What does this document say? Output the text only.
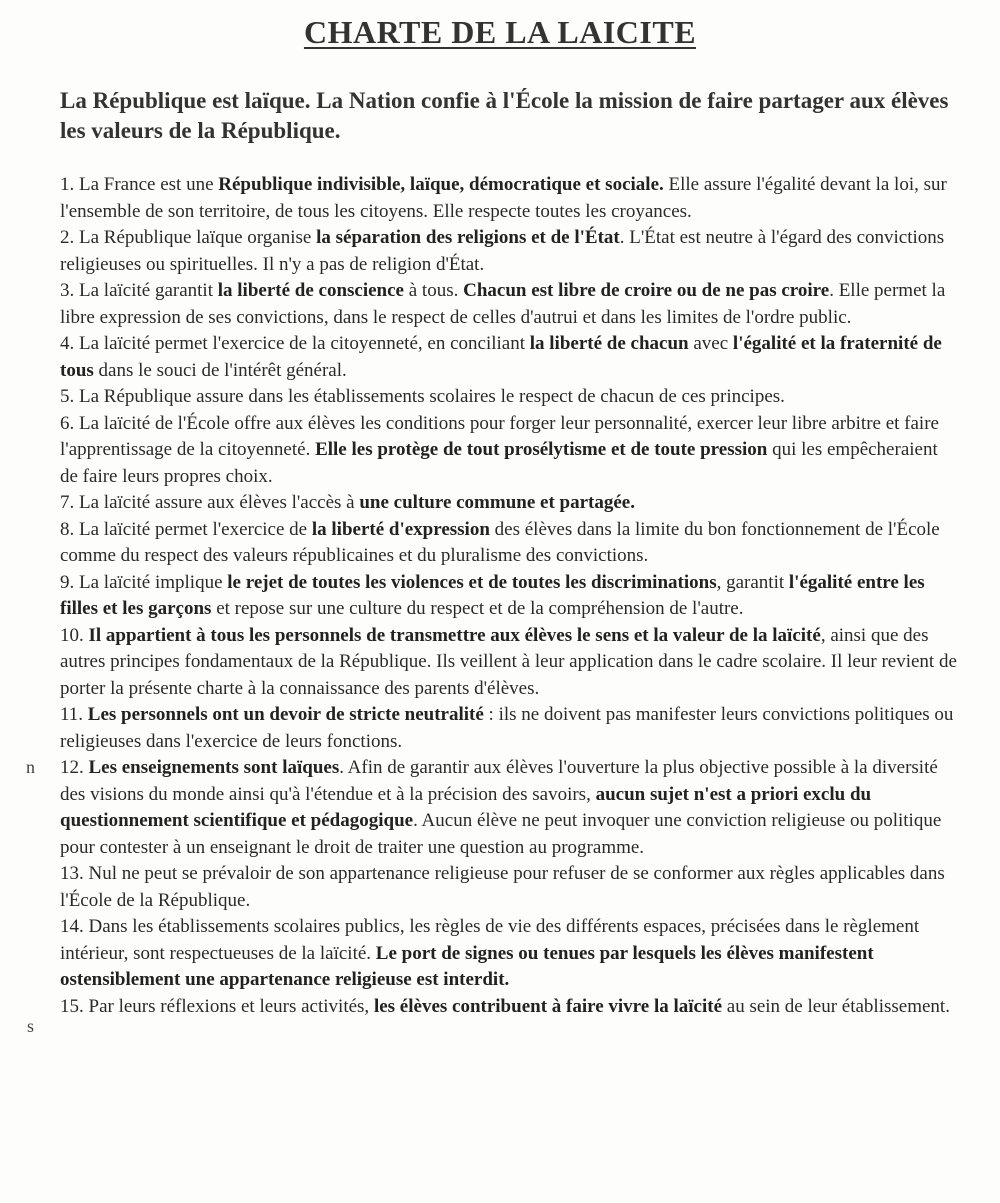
CHARTE DE LA LAICITE

La République est laïque. La Nation confie à l'École la mission de faire partager aux élèves les valeurs de la République.

1. La France est une République indivisible, laïque, démocratique et sociale. Elle assure l'égalité devant la loi, sur l'ensemble de son territoire, de tous les citoyens. Elle respecte toutes les croyances.

2. La République laïque organise la séparation des religions et de l'État. L'État est neutre à l'égard des convictions religieuses ou spirituelles. Il n'y a pas de religion d'État.

3. La laïcité garantit la liberté de conscience à tous. Chacun est libre de croire ou de ne pas croire. Elle permet la libre expression de ses convictions, dans le respect de celles d'autrui et dans les limites de l'ordre public.

4. La laïcité permet l'exercice de la citoyenneté, en conciliant la liberté de chacun avec l'égalité et la fraternité de tous dans le souci de l'intérêt général.

5. La République assure dans les établissements scolaires le respect de chacun de ces principes.

6. La laïcité de l'École offre aux élèves les conditions pour forger leur personnalité, exercer leur libre arbitre et faire l'apprentissage de la citoyenneté. Elle les protège de tout prosélytisme et de toute pression qui les empêcheraient de faire leurs propres choix.

7. La laïcité assure aux élèves l'accès à une culture commune et partagée.

8. La laïcité permet l'exercice de la liberté d'expression des élèves dans la limite du bon fonctionnement de l'École comme du respect des valeurs républicaines et du pluralisme des convictions.

9. La laïcité implique le rejet de toutes les violences et de toutes les discriminations, garantit l'égalité entre les filles et les garçons et repose sur une culture du respect et de la compréhension de l'autre.

10. Il appartient à tous les personnels de transmettre aux élèves le sens et la valeur de la laïcité, ainsi que des autres principes fondamentaux de la République. Ils veillent à leur application dans le cadre scolaire. Il leur revient de porter la présente charte à la connaissance des parents d'élèves.

11. Les personnels ont un devoir de stricte neutralité : ils ne doivent pas manifester leurs convictions politiques ou religieuses dans l'exercice de leurs fonctions.

12. Les enseignements sont laïques. Afin de garantir aux élèves l'ouverture la plus objective possible à la diversité des visions du monde ainsi qu'à l'étendue et à la précision des savoirs, aucun sujet n'est a priori exclu du questionnement scientifique et pédagogique. Aucun élève ne peut invoquer une conviction religieuse ou politique pour contester à un enseignant le droit de traiter une question au programme.

13. Nul ne peut se prévaloir de son appartenance religieuse pour refuser de se conformer aux règles applicables dans l'École de la République.

14. Dans les établissements scolaires publics, les règles de vie des différents espaces, précisées dans le règlement intérieur, sont respectueuses de la laïcité. Le port de signes ou tenues par lesquels les élèves manifestent ostensiblement une appartenance religieuse est interdit.

15. Par leurs réflexions et leurs activités, les élèves contribuent à faire vivre la laïcité au sein de leur établissement.

n
s
